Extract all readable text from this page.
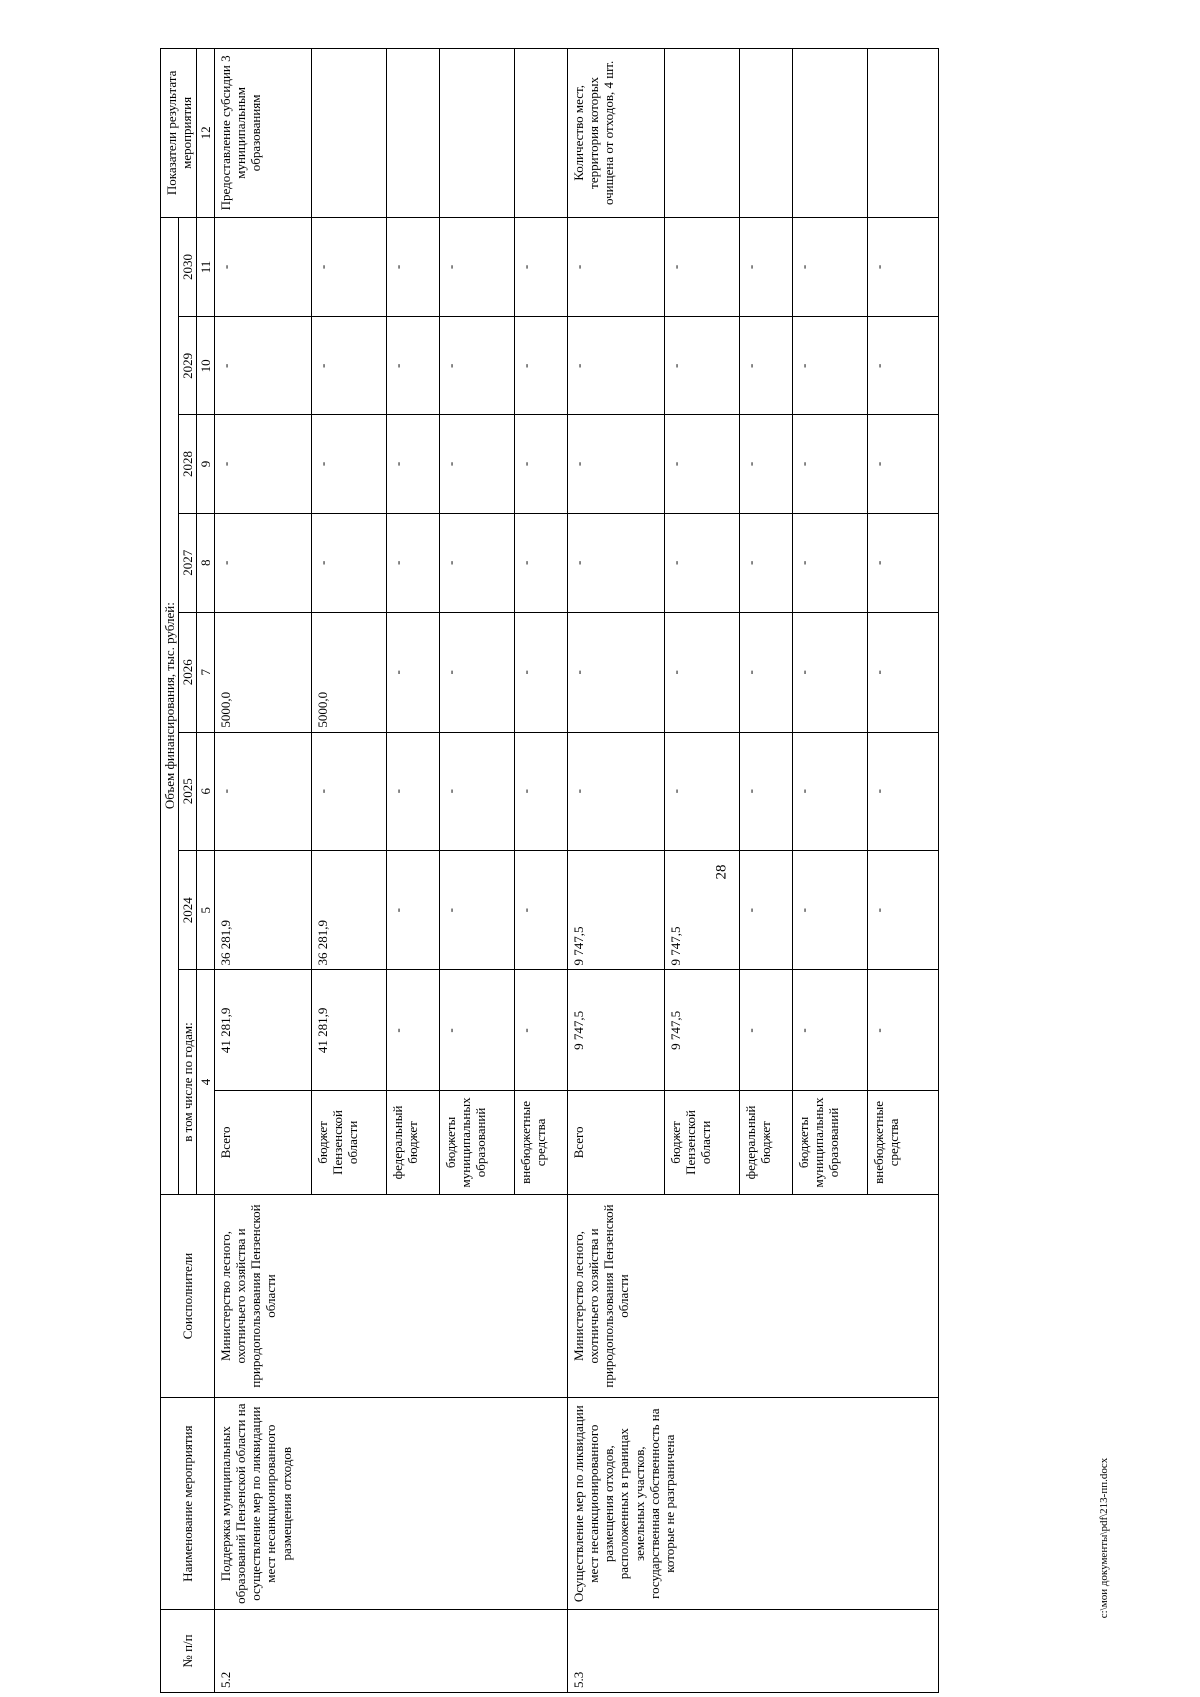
28
№ п/п	Наименование мероприятия	Соисполнители	Объем финансирования, тыс. рублей:									Показатели результата мероприятия
			в том числе по годам:		2024	2025	2026	2027	2028	2029	2030	
			4		5	6	7	8	9	10	11	12
5.2	Поддержка муниципальных образований Пензенской области на осуществление мер по ликвидации мест несанкционированного размещения отходов	Министерство лесного, охотничьего хозяйства и природопользования Пензенской области	Всего	41 281,9	36 281,9	-	5000,0	-	-	-	-	Предоставление субсидии 3 муниципальным образованиям
			бюджет Пензенской области	41 281,9	36 281,9	-	5000,0	-	-	-	-	
			федеральный бюджет	-	-	-	-	-	-	-	-	
			бюджеты муниципальных образований	-	-	-	-	-	-	-	-	
			внебюджетные средства	-	-	-	-	-	-	-	-	
5.3	Осуществление мер по ликвидации мест несанкционированного размещения отходов, расположенных в границах земельных участков, государственная собственность на которые не разграничена	Министерство лесного, охотничьего хозяйства и природопользования Пензенской области	Всего	9 747,5	9 747,5	-	-	-	-	-	-	Количество мест, территория которых очищена от отходов, 4 шт.
			бюджет Пензенской области	9 747,5	9 747,5	-	-	-	-	-	-	
			федеральный бюджет	-	-	-	-	-	-	-	-	
			бюджеты муниципальных образований	-	-	-	-	-	-	-	-	
			внебюджетные средства	-	-	-	-	-	-	-	-	
c:\мои документы\pdf\213-пп.docx
